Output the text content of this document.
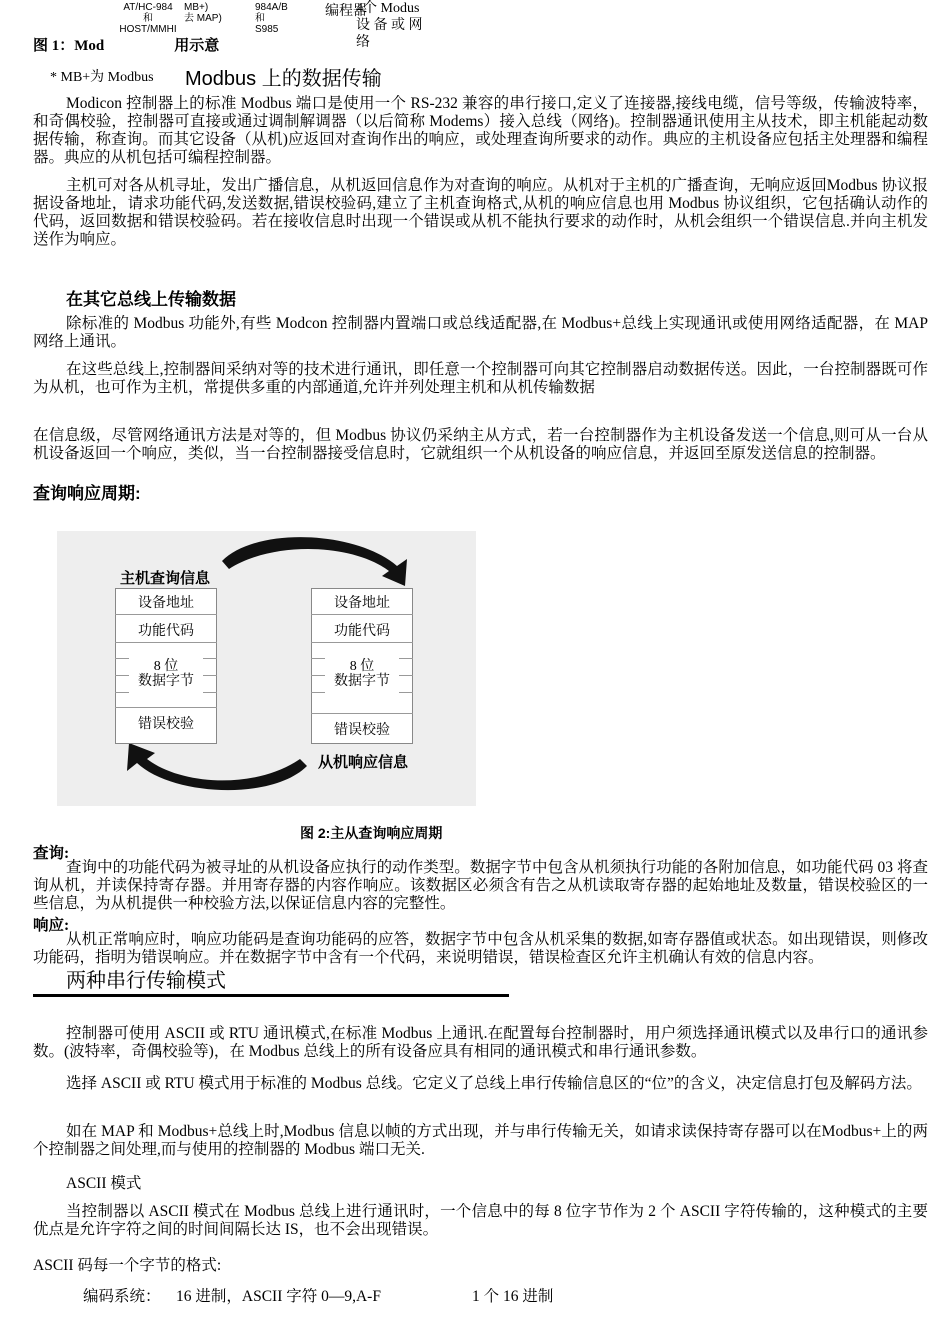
AT/HC-984
和
HOST/MMHI
MB+)
去 MAP)
984A/B
和
S985
编程器
4个 Modus
设 备 或 网
络
图 1：Mod	用示意
* MB+为 Modbus Modbus 上的数据传输
Modicon 控制器上的标准 Modbus 端口是使用一个 RS-232 兼容的串行接口,定义了连接器,接线电缆，信号等级，传输波特率，和奇偶校验，控制器可直接或通过调制解调器（以后简称 Modems）接入总线（网络)。控制器通讯使用主从技术，即主机能起动数据传输，称查询。而其它设备（从机)应返回对查询作出的响应，或处理查询所要求的动作。典应的主机设备应包括主处理器和编程器。典应的从机包括可编程控制器。
主机可对各从机寻址，发出广播信息，从机返回信息作为对查询的响应。从机对于主机的广播查询，无响应返回Modbus 协议报据设备地址，请求功能代码,发送数据,错误校验码,建立了主机查询格式,从机的响应信息也用 Modbus 协议组织，它包括确认动作的代码，返回数据和错误校验码。若在接收信息时出现一个错误或从机不能执行要求的动作时，从机会组织一个错误信息.并向主机发送作为响应。
在其它总线上传输数据
除标准的 Modbus 功能外,有些 Modcon 控制器内置端口或总线适配器,在 Modbus+总线上实现通讯或使用网络适配器，在 MAP 网络上通讯。
在这些总线上,控制器间采纳对等的技术进行通讯，即任意一个控制器可向其它控制器启动数据传送。因此，一台控制器既可作为从机，也可作为主机，常提供多重的内部通道,允许并列处理主机和从机传输数据
在信息级，尽管网络通讯方法是对等的，但 Modbus 协议仍采纳主从方式，若一台控制器作为主机设备发送一个信息,则可从一台从机设备返回一个响应，类似，当一台控制器接受信息时，它就组织一个从机设备的响应信息，并返回至原发送信息的控制器。
查询响应周期:
主机查询信息
从机响应信息
设备地址
功能代码
8 位
数据字节
错误校验
设备地址
功能代码
8 位
数据字节
错误校验
图 2:主从查询响应周期
查询:
查询中的功能代码为被寻址的从机设备应执行的动作类型。数据字节中包含从机须执行功能的各附加信息，如功能代码 03 将查询从机，并读保持寄存器。并用寄存器的内容作响应。该数据区必须含有告之从机读取寄存器的起始地址及数量，错误校验区的一些信息，为从机提供一种校验方法,以保证信息内容的完整性。
响应:
从机正常响应时，响应功能码是查询功能码的应答，数据字节中包含从机采集的数据,如寄存器值或状态。如出现错误，则修改功能码，指明为错误响应。并在数据字节中含有一个代码，来说明错误，错误检查区允许主机确认有效的信息内容。
两种串行传输模式
控制器可使用 ASCII 或 RTU 通讯模式,在标准 Modbus 上通讯.在配置每台控制器时，用户须选择通讯模式以及串行口的通讯参数。(波特率，奇偶校验等)，在 Modbus 总线上的所有设备应具有相同的通讯模式和串行通讯参数。
选择 ASCII 或 RTU 模式用于标准的 Modbus 总线。它定义了总线上串行传输信息区的“位”的含义，决定信息打包及解码方法。
如在 MAP 和 Modbus+总线上时,Modbus 信息以帧的方式出现，并与串行传输无关，如请求读保持寄存器可以在Modbus+上的两个控制器之间处理,而与使用的控制器的 Modbus 端口无关.
ASCII 模式
当控制器以 ASCII 模式在 Modbus 总线上进行通讯时，一个信息中的每 8 位字节作为 2 个 ASCII 字符传输的，这种模式的主要优点是允许字符之间的时间间隔长达 IS，也不会出现错误。
ASCII 码每一个字节的格式:
编码系统： 16 进制，ASCII 字符 0—9,A-F	1 个 16 进制
